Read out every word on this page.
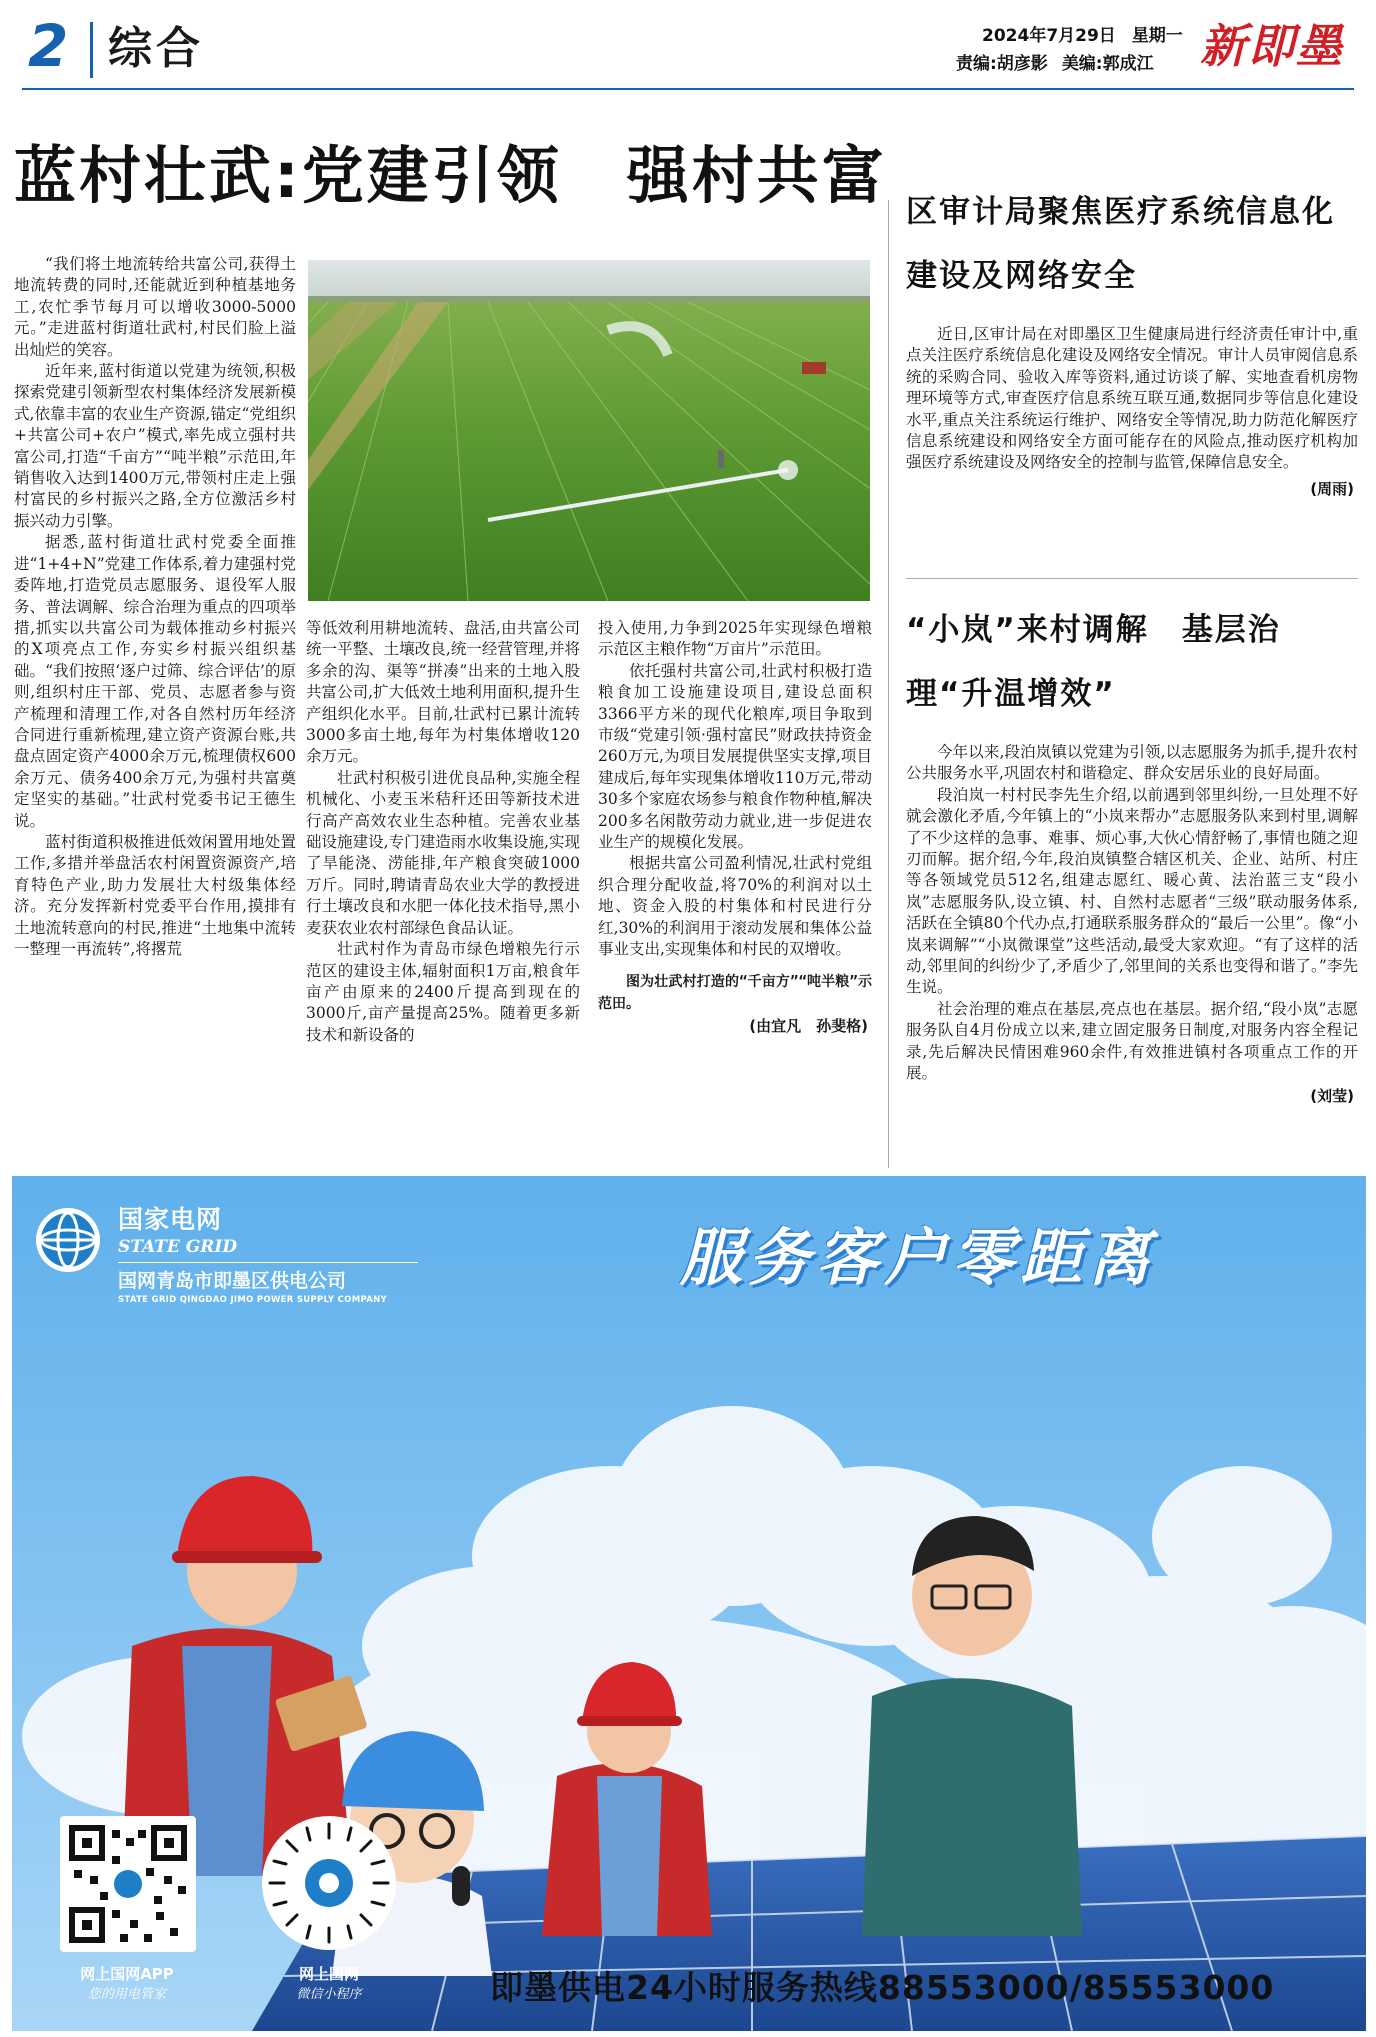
2 综合	2024年7月29日 星期一
责编:胡彦影 美编:郭成江 新即墨
蓝村壮武:党建引领　强村共富

“我们将土地流转给共富公司,获得土地流转费的同时,还能就近到种植基地务工,农忙季节每月可以增收3000-5000元。”走进蓝村街道壮武村,村民们脸上溢出灿烂的笑容。

近年来,蓝村街道以党建为统领,积极探索党建引领新型农村集体经济发展新模式,依靠丰富的农业生产资源,锚定“党组织+共富公司+农户”模式,率先成立强村共富公司,打造“千亩方”“吨半粮”示范田,年销售收入达到1400万元,带领村庄走上强村富民的乡村振兴之路,全方位激活乡村振兴动力引擎。

据悉,蓝村街道壮武村党委全面推进“1+4+N”党建工作体系,着力建强村党委阵地,打造党员志愿服务、退役军人服务、普法调解、综合治理为重点的四项举措,抓实以共富公司为载体推动乡村振兴的X项亮点工作,夯实乡村振兴组织基础。“我们按照‘逐户过筛、综合评估’的原则,组织村庄干部、党员、志愿者参与资产梳理和清理工作,对各自然村历年经济合同进行重新梳理,建立资产资源台账,共盘点固定资产4000余万元,梳理债权600余万元、债务400余万元,为强村共富奠定坚实的基础。”壮武村党委书记王德生说。

蓝村街道积极推进低效闲置用地处置工作,多措并举盘活农村闲置资源资产,培育特色产业,助力发展壮大村级集体经济。充分发挥新村党委平台作用,摸排有土地流转意向的村民,推进“土地集中流转一整理一再流转”,将撂荒

等低效利用耕地流转、盘活,由共富公司统一平整、土壤改良,统一经营管理,并将多余的沟、渠等“拼凑”出来的土地入股共富公司,扩大低效土地利用面积,提升生产组织化水平。目前,壮武村已累计流转3000多亩土地,每年为村集体增收120余万元。

壮武村积极引进优良品种,实施全程机械化、小麦玉米秸秆还田等新技术进行高产高效农业生态种植。完善农业基础设施建设,专门建造雨水收集设施,实现了旱能浇、涝能排,年产粮食突破1000万斤。同时,聘请青岛农业大学的教授进行土壤改良和水肥一体化技术指导,黑小麦获农业农村部绿色食品认证。

壮武村作为青岛市绿色增粮先行示范区的建设主体,辐射面积1万亩,粮食年亩产由原来的2400斤提高到现在的3000斤,亩产量提高25%。随着更多新技术和新设备的

投入使用,力争到2025年实现绿色增粮示范区主粮作物“万亩片”示范田。

依托强村共富公司,壮武村积极打造粮食加工设施建设项目,建设总面积3366平方米的现代化粮库,项目争取到市级“党建引领·强村富民”财政扶持资金260万元,为项目发展提供坚实支撑,项目建成后,每年实现集体增收110万元,带动30多个家庭农场参与粮食作物种植,解决200多名闲散劳动力就业,进一步促进农业生产的规模化发展。

根据共富公司盈利情况,壮武村党组织合理分配收益,将70%的利润对以土地、资金入股的村集体和村民进行分红,30%的利润用于滚动发展和集体公益事业支出,实现集体和村民的双增收。

图为壮武村打造的“千亩方”“吨半粮”示范田。

(由宜凡　孙斐格)

区审计局聚焦医疗系统信息化建设及网络安全

近日,区审计局在对即墨区卫生健康局进行经济责任审计中,重点关注医疗系统信息化建设及网络安全情况。审计人员审阅信息系统的采购合同、验收入库等资料,通过访谈了解、实地查看机房物理环境等方式,审查医疗信息系统互联互通,数据同步等信息化建设水平,重点关注系统运行维护、网络安全等情况,助力防范化解医疗信息系统建设和网络安全方面可能存在的风险点,推动医疗机构加强医疗系统建设及网络安全的控制与监管,保障信息安全。

(周雨)
“小岚”来村调解　基层治理“升温增效”

今年以来,段泊岚镇以党建为引领,以志愿服务为抓手,提升农村公共服务水平,巩固农村和谐稳定、群众安居乐业的良好局面。

段泊岚一村村民李先生介绍,以前遇到邻里纠纷,一旦处理不好就会激化矛盾,今年镇上的“小岚来帮办”志愿服务队来到村里,调解了不少这样的急事、难事、烦心事,大伙心情舒畅了,事情也随之迎刃而解。据介绍,今年,段泊岚镇整合辖区机关、企业、站所、村庄等各领域党员512名,组建志愿红、暖心黄、法治蓝三支“段小岚”志愿服务队,设立镇、村、自然村志愿者“三级”联动服务体系,活跃在全镇80个代办点,打通联系服务群众的“最后一公里”。像“小岚来调解”“小岚微课堂”这些活动,最受大家欢迎。“有了这样的活动,邻里间的纠纷少了,矛盾少了,邻里间的关系也变得和谐了。”李先生说。

社会治理的难点在基层,亮点也在基层。据介绍,“段小岚”志愿服务队自4月份成立以来,建立固定服务日制度,对服务内容全程记录,先后解决民情困难960余件,有效推进镇村各项重点工作的开展。

(刘莹)
国家电网
STATE GRID
国网青岛市即墨区供电公司
STATE GRID QINGDAO JIMO POWER SUPPLY COMPANY
服务客户零距离
网上国网APP
您的用电管家
网上国网
微信小程序	即墨供电24小时服务热线88553000/85553000
